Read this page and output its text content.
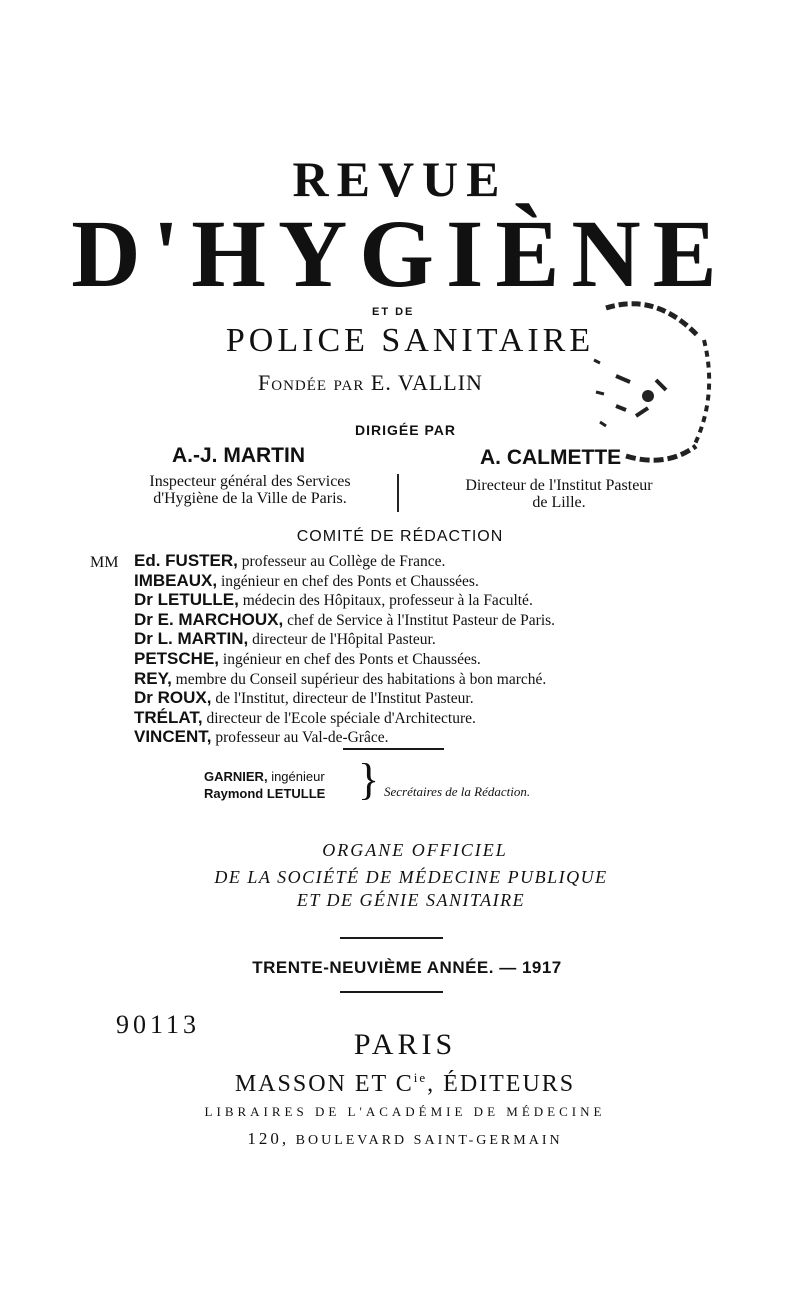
REVUE
D'HYGIÈNE
ET DE
POLICE SANITAIRE
Fondée par E. VALLIN
DIRIGÉE PAR
A.-J. MARTIN
Inspecteur général des Services
d'Hygiène de la Ville de Paris.
A. CALMETTE
Directeur de l'Institut Pasteur
de Lille.
COMITÉ DE RÉDACTION
MM Ed. FUSTER, professeur au Collège de France.
IMBEAUX, ingénieur en chef des Ponts et Chaussées.
Dr LETULLE, médecin des Hôpitaux, professeur à la Faculté.
Dr E. MARCHOUX, chef de Service à l'Institut Pasteur de Paris.
Dr L. MARTIN, directeur de l'Hôpital Pasteur.
PETSCHE, ingénieur en chef des Ponts et Chaussées.
REY, membre du Conseil supérieur des habitations à bon marché.
Dr ROUX, de l'Institut, directeur de l'Institut Pasteur.
TRÉLAT, directeur de l'Ecole spéciale d'Architecture.
VINCENT, professeur au Val-de-Grâce.
GARNIER, ingénieur
Raymond LETULLE } Secrétaires de la Rédaction.
ORGANE OFFICIEL
DE LA SOCIÉTÉ DE MÉDECINE PUBLIQUE
ET DE GÉNIE SANITAIRE
TRENTE-NEUVIÈME ANNÉE. — 1917
90113
PARIS
MASSON ET $C^{ie}$, ÉDITEURS
LIBRAIRES DE L'ACADÉMIE DE MÉDECINE
120, BOULEVARD SAINT-GERMAIN
